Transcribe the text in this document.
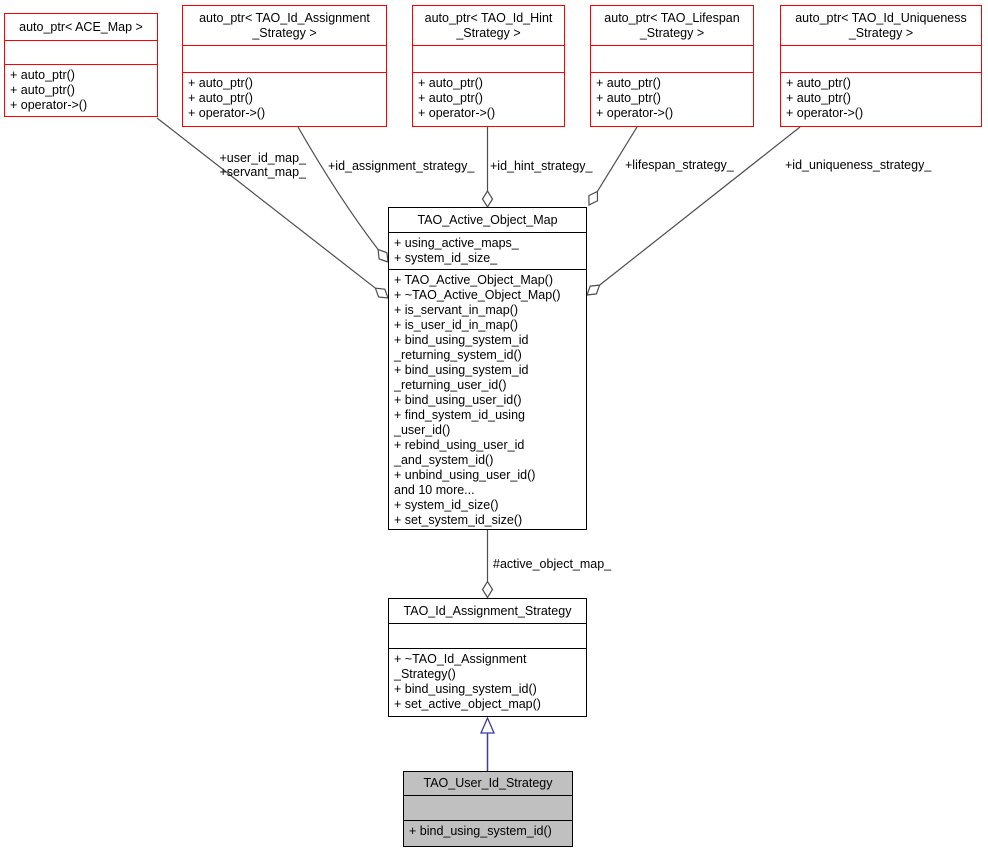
auto_ptr< ACE_Map >
+ auto_ptr()
+ auto_ptr()
+ operator->()
auto_ptr< TAO_Id_Assignment
_Strategy >
+ auto_ptr()
+ auto_ptr()
+ operator->()
auto_ptr< TAO_Id_Hint
_Strategy >
+ auto_ptr()
+ auto_ptr()
+ operator->()
auto_ptr< TAO_Lifespan
_Strategy >
+ auto_ptr()
+ auto_ptr()
+ operator->()
auto_ptr< TAO_Id_Uniqueness
_Strategy >
+ auto_ptr()
+ auto_ptr()
+ operator->()
TAO_Active_Object_Map
+ using_active_maps_
+ system_id_size_
+ TAO_Active_Object_Map()
+ ~TAO_Active_Object_Map()
+ is_servant_in_map()
+ is_user_id_in_map()
+ bind_using_system_id
_returning_system_id()
+ bind_using_system_id
_returning_user_id()
+ bind_using_user_id()
+ find_system_id_using
_user_id()
+ rebind_using_user_id
_and_system_id()
+ unbind_using_user_id()
and 10 more...
+ system_id_size()
+ set_system_id_size()
TAO_Id_Assignment_Strategy
+ ~TAO_Id_Assignment
_Strategy()
+ bind_using_system_id()
+ set_active_object_map()
TAO_User_Id_Strategy
+ bind_using_system_id()
+user_id_map_
+servant_map_ +id_assignment_strategy_ +id_hint_strategy_	+lifespan_strategy_	+id_uniqueness_strategy_
#active_object_map_
